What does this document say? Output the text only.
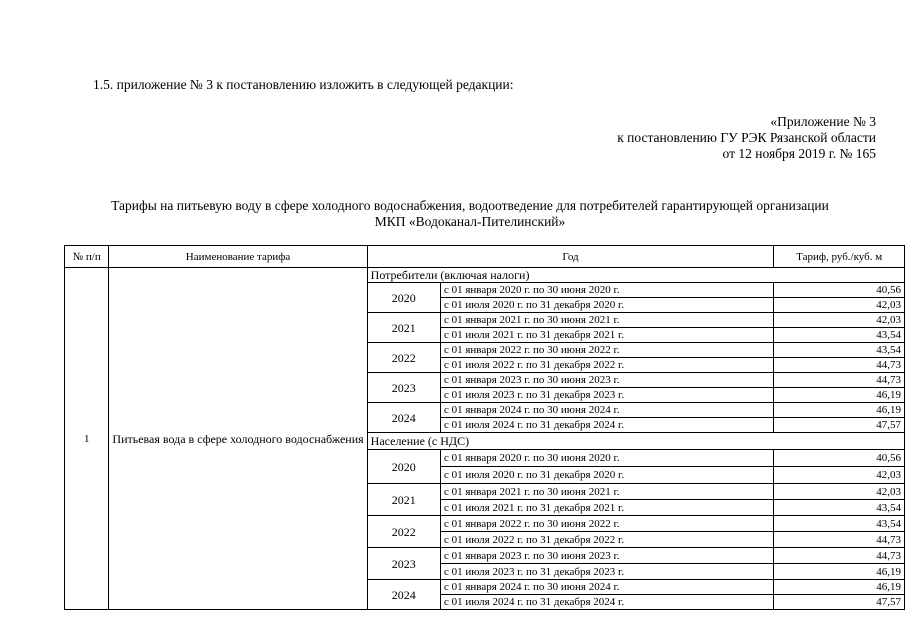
1.5. приложение № 3 к постановлению изложить в следующей редакции:
«Приложение № 3
к постановлению ГУ РЭК Рязанской области
от 12 ноября 2019 г. № 165
Тарифы на питьевую воду в сфере холодного водоснабжения, водоотведение для потребителей гарантирующей организации
МКП «Водоканал-Пителинский»
№ п/п	Наименование тарифа	Год		Тариф, руб./куб. м
1	Питьевая вода в сфере холодного водоснабжения	Потребители (включая налоги)		
		2020	с 01 января 2020 г. по 30 июня 2020 г.	40,56
			с 01 июля 2020 г. по 31 декабря 2020 г.	42,03
		2021	с 01 января 2021 г. по 30 июня 2021 г.	42,03
			с 01 июля 2021 г. по 31 декабря 2021 г.	43,54
		2022	с 01 января 2022 г. по 30 июня 2022 г.	43,54
			с 01 июля 2022 г. по 31 декабря 2022 г.	44,73
		2023	с 01 января 2023 г. по 30 июня 2023 г.	44,73
			с 01 июля 2023 г. по 31 декабря 2023 г.	46,19
		2024	с 01 января 2024 г. по 30 июня 2024 г.	46,19
			с 01 июля 2024 г. по 31 декабря 2024 г.	47,57
		Население (с НДС)		
		2020	с 01 января 2020 г. по 30 июня 2020 г.	40,56
			с 01 июля 2020 г. по 31 декабря 2020 г.	42,03
		2021	с 01 января 2021 г. по 30 июня 2021 г.	42,03
			с 01 июля 2021 г. по 31 декабря 2021 г.	43,54
		2022	с 01 января 2022 г. по 30 июня 2022 г.	43,54
			с 01 июля 2022 г. по 31 декабря 2022 г.	44,73
		2023	с 01 января 2023 г. по 30 июня 2023 г.	44,73
			с 01 июля 2023 г. по 31 декабря 2023 г.	46,19
		2024	с 01 января 2024 г. по 30 июня 2024 г.	46,19
			с 01 июля 2024 г. по 31 декабря 2024 г.	47,57
